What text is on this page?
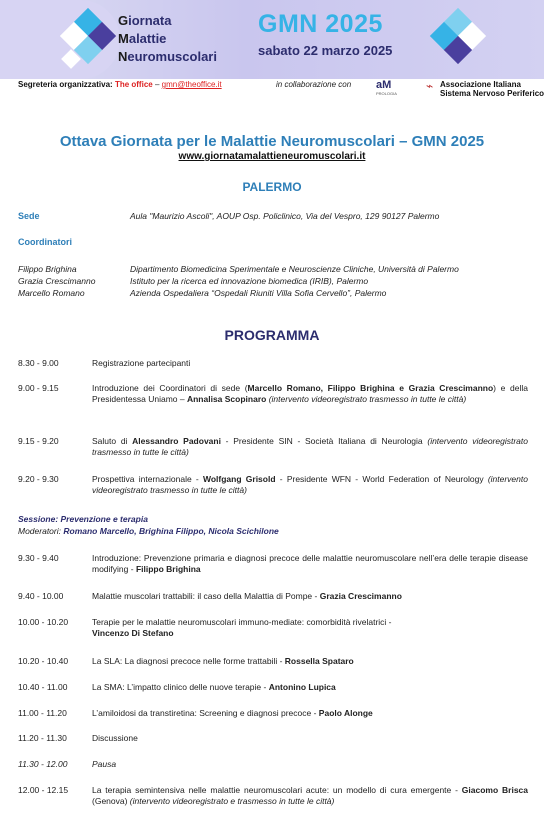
Giornata
Malattie
Neuromuscolari
GMN 2025
sabato 22 marzo 2025
Segreteria organizzativa: The office – gmn@theoffice.it	in collaborazione con aM
PROLOGIA
⌁ Associazione Italiana
Sistema Nervoso Periferico
Ottava Giornata per le Malattie Neuromuscolari – GMN 2025
www.giornatamalattieneuromuscolari.it
PALERMO
Sede	Aula "Maurizio Ascoli", AOUP Osp. Policlinico, Via del Vespro, 129 90127 Palermo
Coordinatori
Filippo Brighina	Dipartimento Biomedicina Sperimentale e Neuroscienze Cliniche, Università di Palermo
Grazia Crescimanno	Istituto per la ricerca ed innovazione biomedica (IRIB), Palermo
Marcello Romano	Azienda Ospedaliera “Ospedali Riuniti Villa Sofia Cervello”, Palermo
PROGRAMMA
8.30 - 9.00	Registrazione partecipanti
9.00 - 9.15	Introduzione dei Coordinatori di sede (Marcello Romano, Filippo Brighina e Grazia Crescimanno) e della Presidentessa Uniamo – Annalisa Scopinaro (intervento videoregistrato trasmesso in tutte le città)
9.15 - 9.20	Saluto di Alessandro Padovani - Presidente SIN - Società Italiana di Neurologia (intervento videoregistrato trasmesso in tutte le città)
9.20 - 9.30	Prospettiva internazionale - Wolfgang Grisold - Presidente WFN - World Federation of Neurology (intervento videoregistrato trasmesso in tutte le città)
Sessione: Prevenzione e terapia
Moderatori: Romano Marcello, Brighina Filippo, Nicola Scichilone
9.30 - 9.40	Introduzione: Prevenzione primaria e diagnosi precoce delle malattie neuromuscolare nell’era delle terapie disease modifying - Filippo Brighina
9.40 - 10.00	Malattie muscolari trattabili: il caso della Malattia di Pompe - Grazia Crescimanno
10.00 - 10.20	Terapie per le malattie neuromuscolari immuno-mediate: comorbidità rivelatrici -
Vincenzo Di Stefano
10.20 - 10.40	La SLA: La diagnosi precoce nelle forme trattabili - Rossella Spataro
10.40 - 11.00	La SMA: L’impatto clinico delle nuove terapie - Antonino Lupica
11.00 - 11.20	L’amiloidosi da transtiretina: Screening e diagnosi precoce - Paolo Alonge
11.20 - 11.30	Discussione
11.30 - 12.00	Pausa
12.00 - 12.15	La terapia semintensiva nelle malattie neuromuscolari acute: un modello di cura emergente - Giacomo Brisca (Genova) (intervento videoregistrato e trasmesso in tutte le città)
